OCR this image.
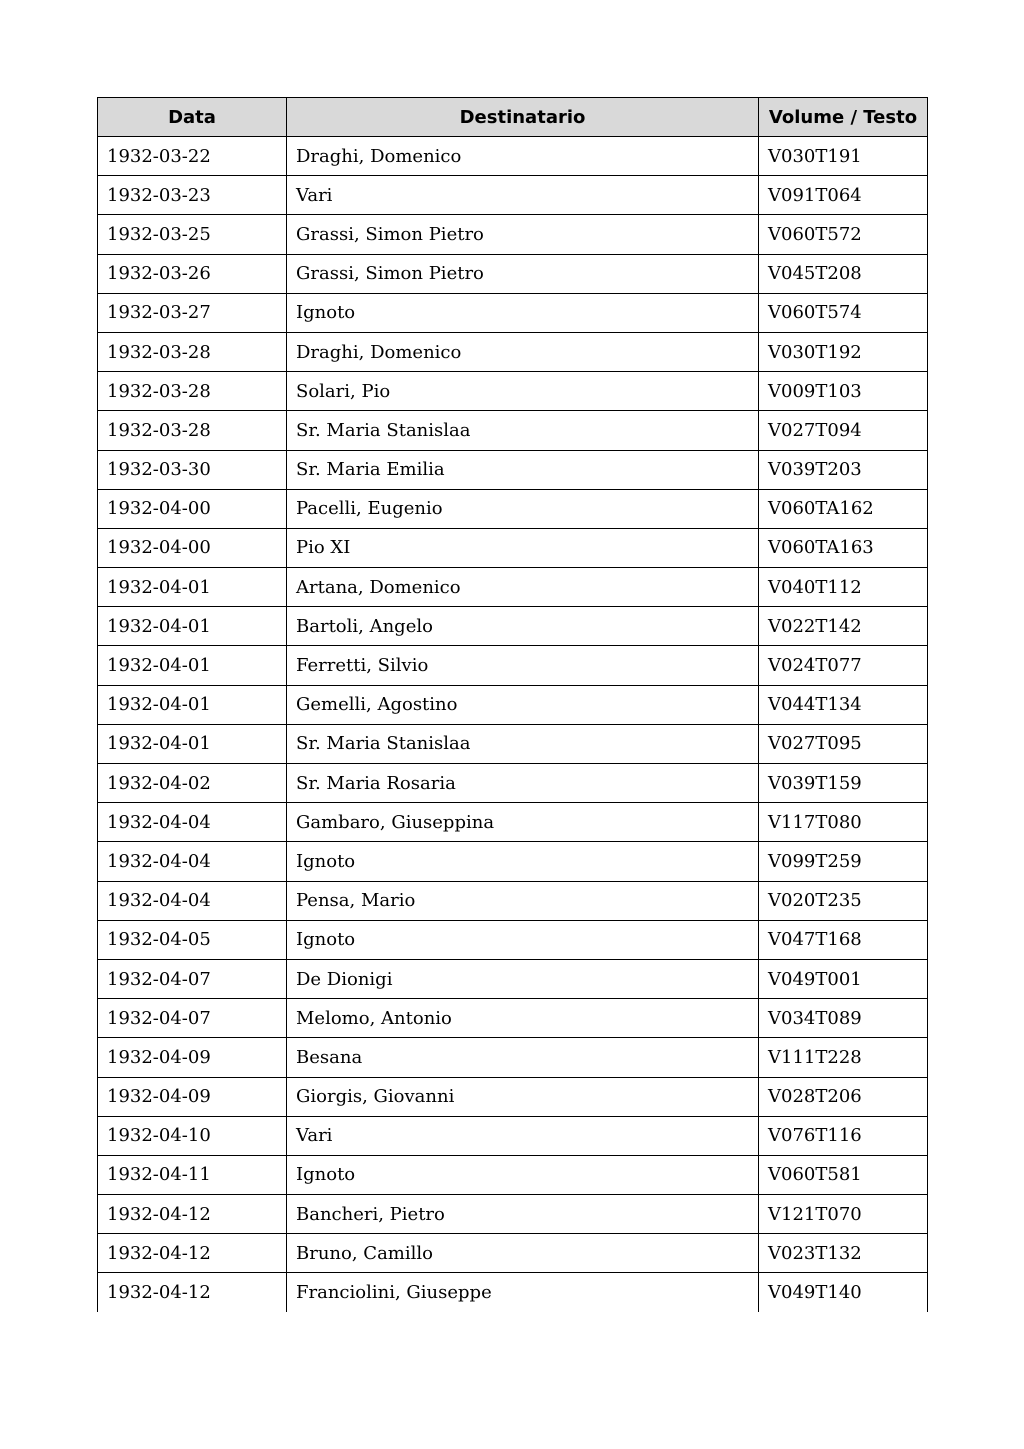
Data	Destinatario	Volume / Testo
1932-03-22	Draghi, Domenico	V030T191
1932-03-23	Vari	V091T064
1932-03-25	Grassi, Simon Pietro	V060T572
1932-03-26	Grassi, Simon Pietro	V045T208
1932-03-27	Ignoto	V060T574
1932-03-28	Draghi, Domenico	V030T192
1932-03-28	Solari, Pio	V009T103
1932-03-28	Sr. Maria Stanislaa	V027T094
1932-03-30	Sr. Maria Emilia	V039T203
1932-04-00	Pacelli, Eugenio	V060TA162
1932-04-00	Pio XI	V060TA163
1932-04-01	Artana, Domenico	V040T112
1932-04-01	Bartoli, Angelo	V022T142
1932-04-01	Ferretti, Silvio	V024T077
1932-04-01	Gemelli, Agostino	V044T134
1932-04-01	Sr. Maria Stanislaa	V027T095
1932-04-02	Sr. Maria Rosaria	V039T159
1932-04-04	Gambaro, Giuseppina	V117T080
1932-04-04	Ignoto	V099T259
1932-04-04	Pensa, Mario	V020T235
1932-04-05	Ignoto	V047T168
1932-04-07	De Dionigi	V049T001
1932-04-07	Melomo, Antonio	V034T089
1932-04-09	Besana	V111T228
1932-04-09	Giorgis, Giovanni	V028T206
1932-04-10	Vari	V076T116
1932-04-11	Ignoto	V060T581
1932-04-12	Bancheri, Pietro	V121T070
1932-04-12	Bruno, Camillo	V023T132
1932-04-12	Franciolini, Giuseppe	V049T140
